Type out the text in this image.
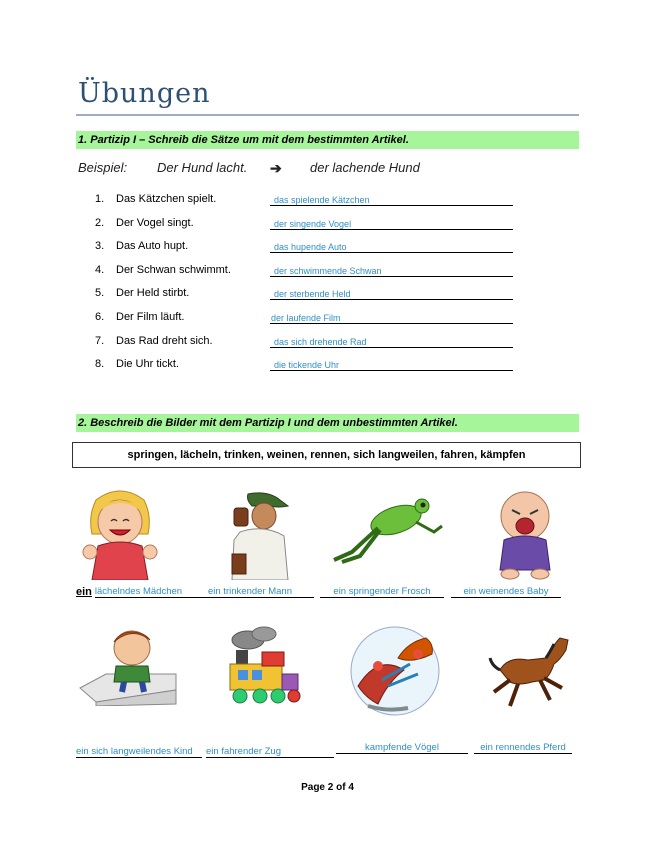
Übungen
1. Partizip I – Schreib die Sätze um mit dem bestimmten Artikel.
Beispiel: Der Hund lacht. ➔ der lachende Hund
1. Das Kätzchen spielt.	das spielende Kätzchen
2. Der Vogel singt.	der singende Vogel
3. Das Auto hupt.	das hupende Auto
4. Der Schwan schwimmt.	der schwimmende Schwan
5. Der Held stirbt.	der sterbende Held
6. Der Film läuft.	der laufende Film
7. Das Rad dreht sich.	das sich drehende Rad
8. Die Uhr tickt.	die tickende Uhr
2. Beschreib die Bilder mit dem Partizip I und dem unbestimmten Artikel.
springen, lächeln, trinken, weinen, rennen, sich langweilen, fahren, kämpfen
ein lächelndes Mädchen	ein trinkender Mann	ein springender Frosch	ein weinendes Baby
ein sich langweilendes Kind	ein fahrender Zug	kampfende Vögel	ein rennendes Pferd
Page 2 of 4
